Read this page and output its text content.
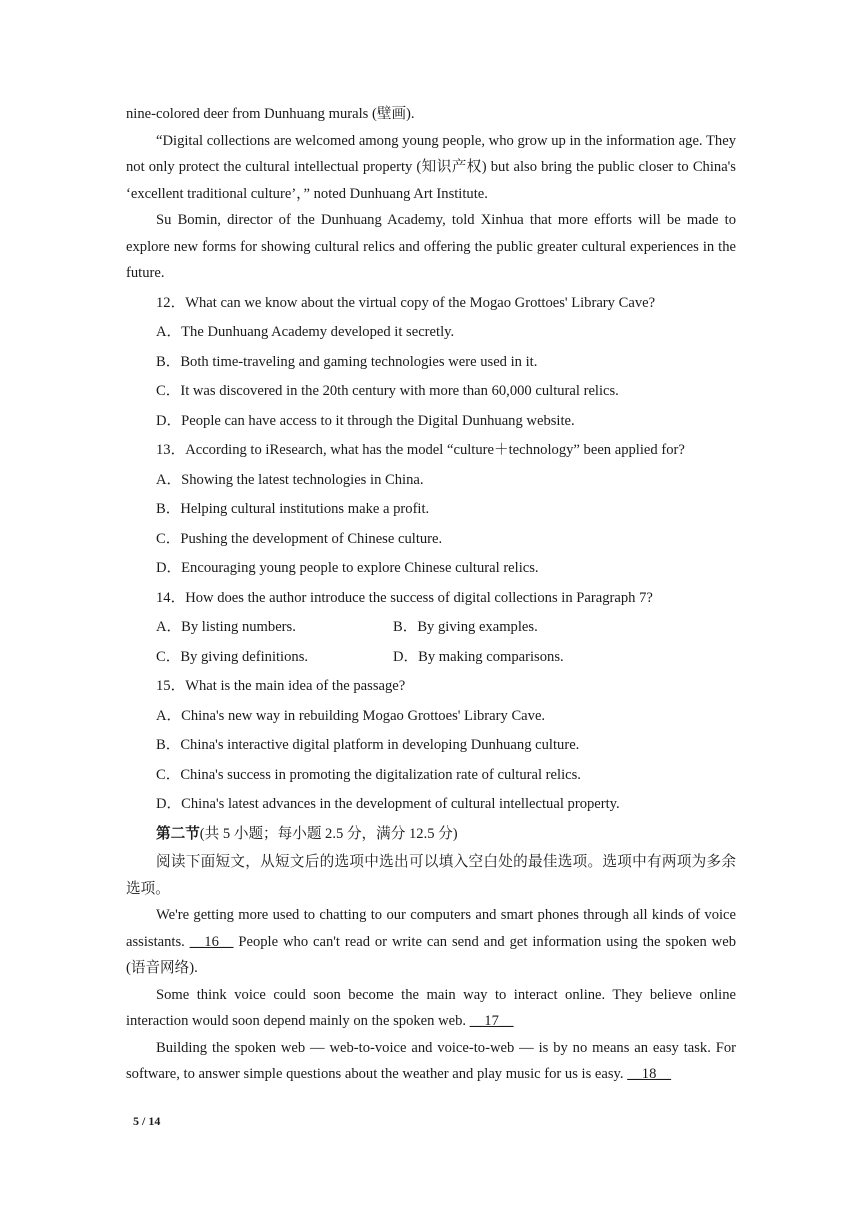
nine-colored deer from Dunhuang murals (壁画).

“Digital collections are welcomed among young people, who grow up in the information age. They not only protect the cultural intellectual property (知识产权) but also bring the public closer to China's ‘excellent traditional culture’，” noted Dunhuang Art Institute.

Su Bomin, director of the Dunhuang Academy, told Xinhua that more efforts will be made to explore new forms for showing cultural relics and offering the public greater cultural experiences in the future.

12．What can we know about the virtual copy of the Mogao Grottoes' Library Cave?

A．The Dunhuang Academy developed it secretly.

B．Both time-traveling and gaming technologies were used in it.

C．It was discovered in the 20th century with more than 60,000 cultural relics.

D．People can have access to it through the Digital Dunhuang website.

13．According to iResearch, what has the model “culture＋technology” been applied for?

A．Showing the latest technologies in China.

B．Helping cultural institutions make a profit.

C．Pushing the development of Chinese culture.

D．Encouraging young people to explore Chinese cultural relics.

14．How does the author introduce the success of digital collections in Paragraph 7?

A．By listing numbers.	B．By giving examples.
C．By giving definitions.	D．By making comparisons.

15．What is the main idea of the passage?

A．China's new way in rebuilding Mogao Grottoes' Library Cave.

B．China's interactive digital platform in developing Dunhuang culture.

C．China's success in promoting the digitalization rate of cultural relics.

D．China's latest advances in the development of cultural intellectual property.

第二节(共 5 小题；每小题 2.5 分，满分 12.5 分)

阅读下面短文，从短文后的选项中选出可以填入空白处的最佳选项。选项中有两项为多余选项。

We're getting more used to chatting to our computers and smart phones through all kinds of voice assistants. __16__ People who can't read or write can send and get information using the spoken web (语音网络).

Some think voice could soon become the main way to interact online. They believe online interaction would soon depend mainly on the spoken web. __17__

Building the spoken web — web-to-voice and voice-to-web — is by no means an easy task. For software, to answer simple questions about the weather and play music for us is easy. __18__

5 / 14
